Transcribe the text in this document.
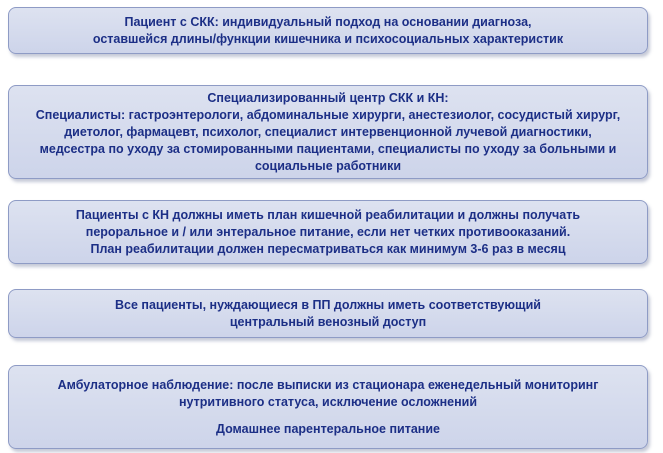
Пациент с СКК: индивидуальный подход на основании диагноза,
оставшейся длины/функции кишечника и психосоциальных характеристик
Специализированный центр СКК и КН:
Специалисты: гастроэнтерологи, абдоминальные хирурги, анестезиолог, сосудистый хирург,
диетолог, фармацевт, психолог, специалист интервенционной лучевой диагностики,
медсестра по уходу за стомированными пациентами, специалисты по уходу за больными и
социальные работники
Пациенты с КН должны иметь план кишечной реабилитации и должны получать
пероральное и / или энтеральное питание, если нет четких противооказаний.
План реабилитации должен пересматриваться как минимум 3-6 раз в месяц
Все пациенты, нуждающиеся в ПП должны иметь соответствующий
центральный венозный доступ
Амбулаторное наблюдение: после выписки из стационара еженедельный мониторинг
нутритивного статуса, исключение осложнений
Домашнее парентеральное питание
